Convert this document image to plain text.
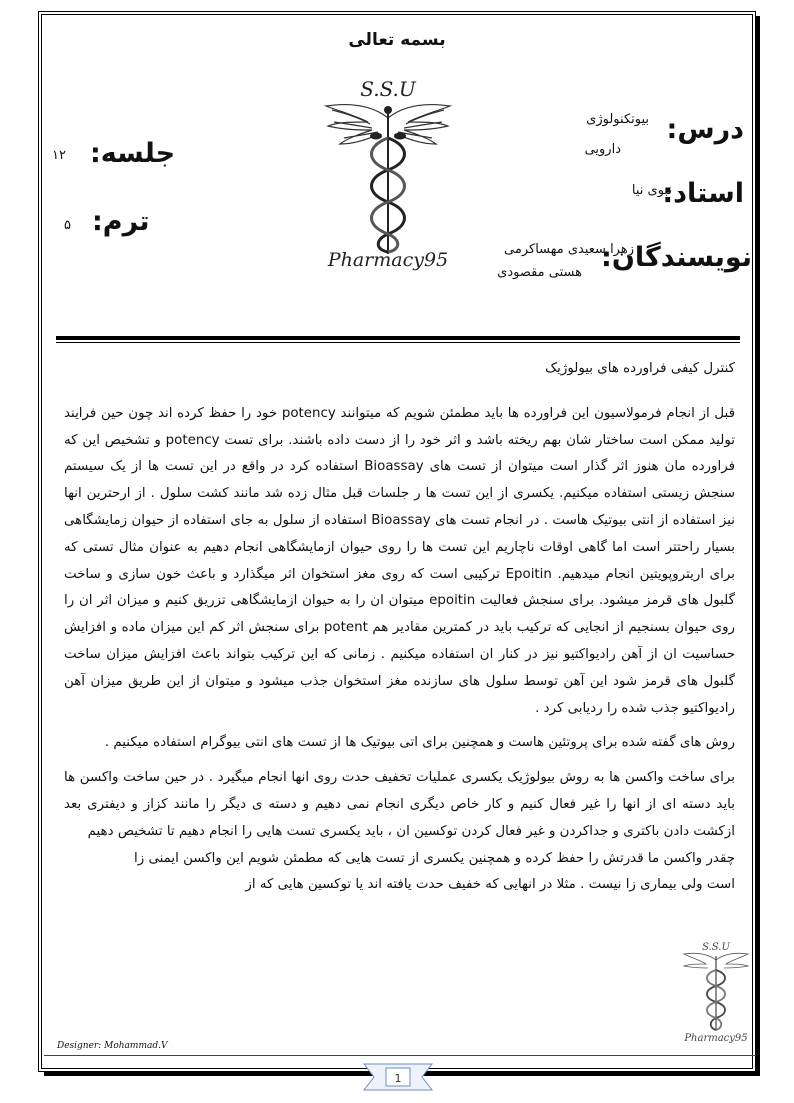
بسمه تعالی
درس:
بیوتکنولوژی
دارویی
استاد:
نبوی نیا
نویسندگان:
زهرا سعیدی مهساکرمی
هستی مقصودی
جلسه:
۱۲
ترم:
۵
S.S.U
Pharmacy95

کنترل کیفی فراورده های بیولوژیک

قبل از انجام فرمولاسیون این فراورده ها باید مطمئن شویم که میتوانند potency خود را حفظ کرده اند چون حین فرایند تولید ممکن است ساختار شان بهم ریخته باشد و اثر خود را از دست داده باشند. برای تست potency و تشخیص این که فراورده مان هنوز اثر گذار است میتوان از تست های Bioassay استفاده کرد در واقع در این تست ها از یک سیستم سنجش زیستی استفاده میکنیم. یکسری از این تست ها ر جلسات قبل مثال زده شد مانند کشت سلول . از ارحترین انها نیز استفاده از انتی بیوتیک هاست . در انجام تست های Bioassay استفاده از سلول به جای استفاده از حیوان زمایشگاهی بسیار راحتتر است اما گاهی اوقات ناچاریم این تست ها را روی حیوان ازمایشگاهی انجام دهیم به عنوان مثال تستی که برای اریتروپویتین انجام میدهیم. Epoitin ترکیبی است که روی مغز استخوان اثر میگذارد و باعث خون سازی و ساخت گلبول های قرمز میشود. برای سنجش فعالیت epoitin میتوان ان را به حیوان ازمایشگاهی تزریق کنیم و میزان اثر ان را روی حیوان بسنجیم از انجایی که ترکیب باید در کمترین مقادیر هم potent برای سنجش اثر کم این میزان ماده و افزایش حساسیت ان از آهن رادیواکتیو نیز در کنار ان استفاده میکنیم . زمانی که این ترکیب بتواند باعث افزایش میزان ساخت گلبول های قرمز شود این آهن توسط سلول های سازنده مغز استخوان جذب میشود و میتوان از این طریق میزان آهن رادیواکتیو جذب شده را ردیابی کرد .

روش های گفته شده برای پروتئین هاست و همچنین برای اتی بیوتیک ها از تست های انتی بیوگرام استفاده میکنیم .

برای ساخت واکسن ها به روش بیولوژیک یکسری عملیات تخفیف حدت روی انها انجام میگیرد . در حین ساخت واکسن ها باید دسته ای از انها را غیر فعال کنیم و کار خاص دیگری انجام نمی دهیم و دسته ی دیگر را مانند کزاز و دیفتری بعد ازکشت دادن باکتری و جداکردن و غیر فعال کردن توکسین ان ، باید یکسری تست هایی را انجام دهیم تا تشخیص دهیم

چقدر واکسن ما قدرتش را حفظ کرده و همچنین یکسری از تست هایی که مطمئن شویم این واکسن ایمنی زا است ولی بیماری زا نیست . مثلا در انهایی که خفیف حدت یافته اند یا توکسین هایی که از

S.S.U
Pharmacy95
Designer: Mohammad.V
1
